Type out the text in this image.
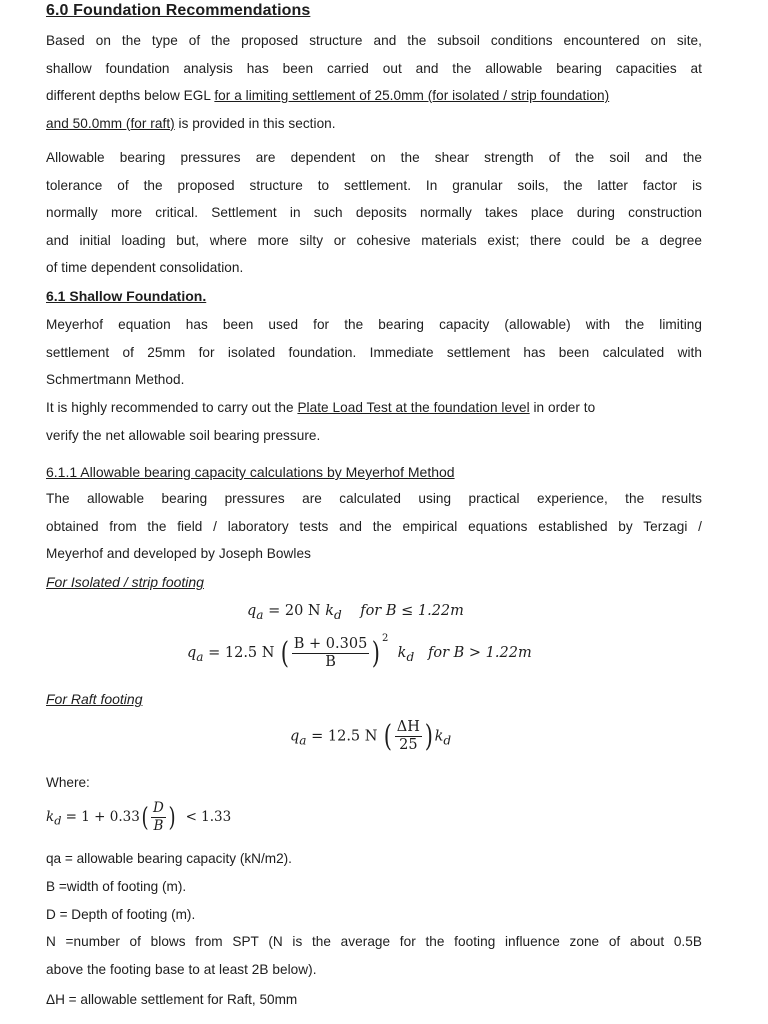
6.0 Foundation Recommendations
Based on the type of the proposed structure and the subsoil conditions encountered on site,
shallow foundation analysis has been carried out and the allowable bearing capacities at
different depths below EGL for a limiting settlement of 25.0mm (for isolated / strip foundation)
and 50.0mm (for raft) is provided in this section.
Allowable bearing pressures are dependent on the shear strength of the soil and the
tolerance of the proposed structure to settlement. In granular soils, the latter factor is
normally more critical. Settlement in such deposits normally takes place during construction
and initial loading but, where more silty or cohesive materials exist; there could be a degree
of time dependent consolidation.
6.1 Shallow Foundation.
Meyerhof equation has been used for the bearing capacity (allowable) with the limiting
settlement of 25mm for isolated foundation. Immediate settlement has been calculated with
Schmertmann Method.
It is highly recommended to carry out the Plate Load Test at the foundation level in order to
verify the net allowable soil bearing pressure.
6.1.1 Allowable bearing capacity calculations by Meyerhof Method
The allowable bearing pressures are calculated using practical experience, the results
obtained from the field / laboratory tests and the empirical equations established by Terzagi /
Meyerhof and developed by Joseph Bowles
For Isolated / strip footing
$q_a = 20$ N $k_d$ for B ≤ 1.22m
$q_a = 12.5$ N ( $\frac{B + 0.305}{B}$ ) $^2$  $k_d$ for B > 1.22m
For Raft footing
$q_a = 12.5$ N ( $\frac{\Delta H}{25}$ ) $k_d$
Where:
$k_d = 1 + 0.33( \frac{D}{B}$ ) < 1.33
qa = allowable bearing capacity (kN/m2).
B =width of footing (m).
D = Depth of footing (m).
N =number of blows from SPT (N is the average for the footing influence zone of about 0.5B
above the footing base to at least 2B below).
ΔH = allowable settlement for Raft, 50mm
